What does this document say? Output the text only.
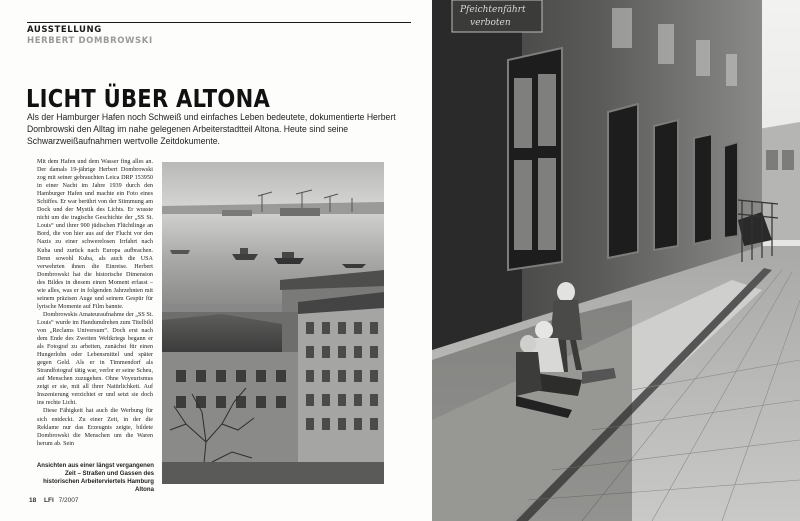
AUSSTELLUNG
HERBERT DOMBROWSKI
LICHT ÜBER ALTONA

Als der Hamburger Hafen noch Schweiß und einfaches Leben bedeutete, dokumentierte Herbert Dombrowski den Alltag im nahe gelegenen Arbeiterstadtteil Altona. Heute sind seine Schwarzweißaufnahmen wertvolle Zeitdokumente.

Mit dem Hafen und dem Wasser fing alles an. Der damals 19-jährige Herbert Dombrowski zog mit seiner gebrauchten Leica DRP 153950 in einer Nacht im Jahre 1939 durch den Hamburger Hafen und machte ein Foto eines Schiffes. Er war berührt von der Stimmung am Dock und der Mystik des Lichts. Er wusste nicht um die tragische Geschichte der „SS St. Louis“ und ihrer 900 jüdischen Flüchtlinge an Bord, die von hier aus auf der Flucht vor den Nazis zu einer schwerelosen Irrfahrt nach Kuba und zurück nach Europa aufbrachen. Denn sowohl Kuba, als auch die USA verwehrten ihnen die Einreise. Herbert Dombrowski hat die historische Dimension des Bildes in diesem einen Moment erfasst – wie alles, was er in folgenden Jahrzehnten mit seinem präzisen Auge und seinem Gespür für lyrische Momente auf Film bannte.

Dombrowskis Amateuraufnahme der „SS St. Louis“ wurde im Handumdrehen zum Titelbild von „Reclams Universum“. Doch erst nach dem Ende des Zweiten Weltkriegs begann er als Fotograf zu arbeiten, zunächst für einen Hungerlohn oder Lebensmittel und später gegen Geld. Als er in Timmendorf als Strandfotograf tätig war, verlor er seine Scheu, auf Menschen zuzugehen. Ohne Voyeurismus zeigt er sie, mit all ihrer Natürlichkeit. Auf Inszenierung verzichtet er und setzt sie doch ins rechte Licht.

Diese Fähigkeit hat auch die Werbung für sich entdeckt. Zu einer Zeit, in der die Reklame nur das Erzeugnis zeigte, bildete Dombrowski die Menschen um die Waren herum ab. Sein

Ansichten aus einer längst vergangenen Zeit – Straßen und Gassen des historischen Arbeiterviertels Hamburg Altona

18 LFI 7/2007
Pfeichtenfährt
verboten
